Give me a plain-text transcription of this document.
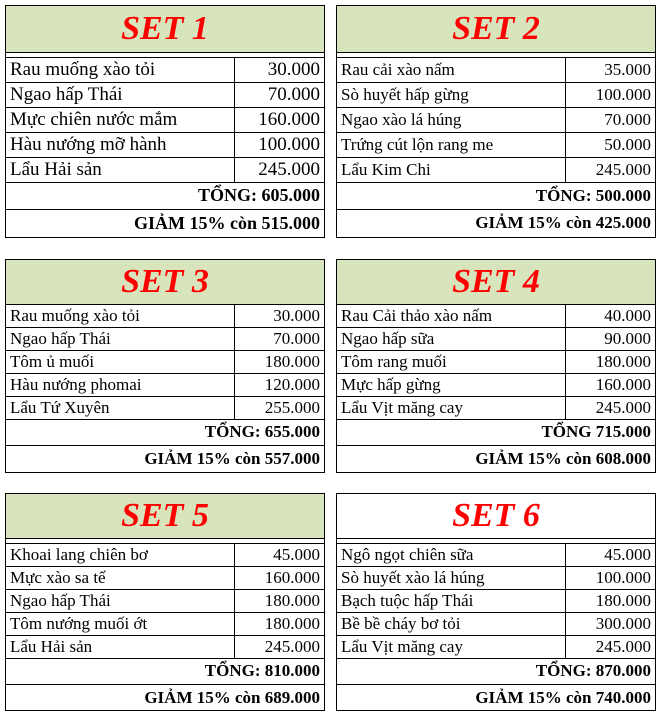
SET 1	

Rau muống xào tỏi	30.000
Ngao hấp Thái	70.000
Mực chiên nước mắm	160.000
Hàu nướng mỡ hành	100.000
Lẩu Hải sản	245.000
TỔNG: 605.000	
GIẢM 15% còn 515.000	
SET 2	

Rau cải xào nấm	35.000
Sò huyết hấp gừng	100.000
Ngao xào lá húng	70.000
Trứng cút lộn rang me	50.000
Lẩu Kim Chi	245.000
TỔNG: 500.000	
GIẢM 15% còn 425.000	
SET 3	
Rau muống xào tỏi	30.000
Ngao hấp Thái	70.000
Tôm ủ muối	180.000
Hàu nướng phomai	120.000
Lẩu Tứ Xuyên	255.000
TỔNG: 655.000	
GIẢM 15% còn 557.000	
SET 4	
Rau Cải thảo xào nấm	40.000
Ngao hấp sữa	90.000
Tôm rang muối	180.000
Mực hấp gừng	160.000
Lẩu Vịt măng cay	245.000
TỔNG 715.000	
GIẢM 15% còn 608.000	
SET 5	

Khoai lang chiên bơ	45.000
Mực xào sa tế	160.000
Ngao hấp Thái	180.000
Tôm nướng muối ớt	180.000
Lẩu Hải sản	245.000
TỔNG: 810.000	
GIẢM 15% còn 689.000	
SET 6	

Ngô ngọt chiên sữa	45.000
Sò huyết xào lá húng	100.000
Bạch tuộc hấp Thái	180.000
Bề bề cháy bơ tỏi	300.000
Lẩu Vịt măng cay	245.000
TỔNG: 870.000	
GIẢM 15% còn 740.000	
